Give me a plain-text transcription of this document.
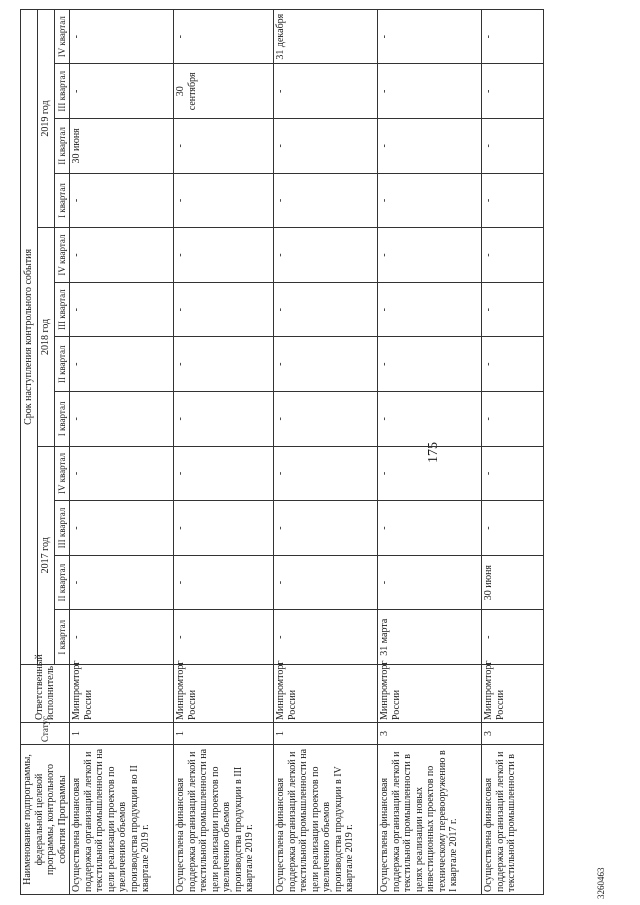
175
Наименование подпрограммы, федеральной целевой программы, контрольного события Программы	Статус	Ответственный исполнитель	Срок наступления контрольного события											
			2017 год				2018 год				2019 год			
			I квартал	II квартал	III квартал	IV квартал	I квартал	II квартал	III квартал	IV квартал	I квартал	II квартал	III квартал	IV квартал
Осуществлена финансовая поддержка организаций легкой и текстильной промышленности на цели реализации проектов по увеличению объемов производства продукции во II квартале 2019 г.	1	Минпромторг России	-	-	-	-	-	-	-	-	-	30 июня	-	-
Осуществлена финансовая поддержка организаций легкой и текстильной промышленности на цели реализации проектов по увеличению объемов производства продукции в III квартале 2019 г.	1	Минпромторг России	-	-	-	-	-	-	-	-	-	-	30 сентября	-
Осуществлена финансовая поддержка организаций легкой и текстильной промышленности на цели реализации проектов по увеличению объемов производства продукции в IV квартале 2019 г.	1	Минпромторг России	-	-	-	-	-	-	-	-	-	-	-	31 декабря
Осуществлена финансовая поддержка организаций легкой и текстильной промышленности в целях реализации новых инвестиционных проектов по техническому перевооружению в I квартале 2017 г.	3	Минпромторг России	31 марта	-	-	-	-	-	-	-	-	-	-	-
Осуществлена финансовая поддержка организаций легкой и текстильной промышленности в	3	Минпромторг России	-	30 июня	-	-	-	-	-	-	-	-	-	-
3260463
